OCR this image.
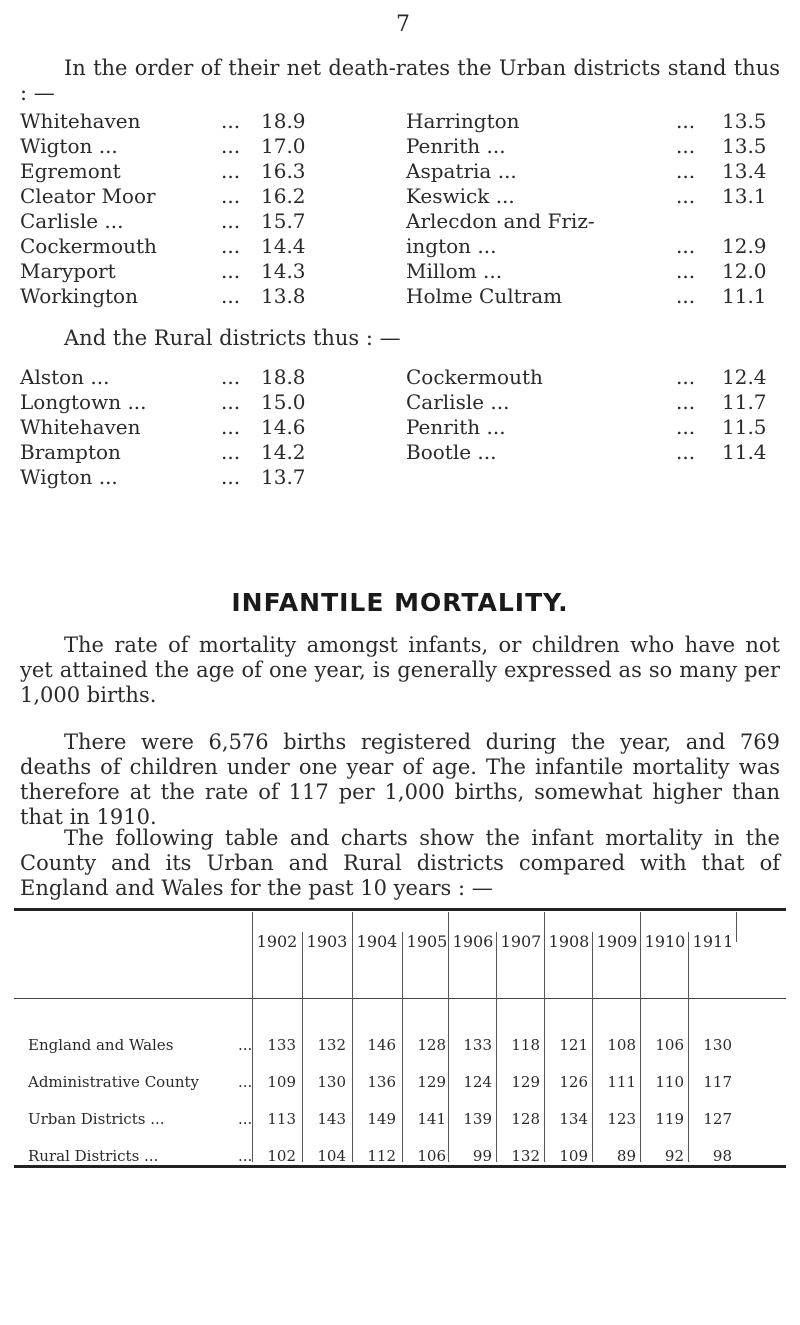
7
In the order of their net death-rates the Urban districts stand thus : —
Whitehaven	... 18.9
Wigton ...	... 17.0
Egremont	... 16.3
Cleator Moor	... 16.2
Carlisle ...	... 15.7
Cockermouth	... 14.4
Maryport	... 14.3
Workington	... 13.8
Harrington	... 13.5
Penrith ...	... 13.5
Aspatria ...	... 13.4
Keswick ...	... 13.1
Arlecdon and Friz-
ington ...	... 12.9
Millom ...	... 12.0
Holme Cultram	... 11.1
And the Rural districts thus : —
Alston ...	... 18.8
Longtown ...	... 15.0
Whitehaven	... 14.6
Brampton	... 14.2
Wigton ...	... 13.7
Cockermouth	... 12.4
Carlisle ...	... 11.7
Penrith ...	... 11.5
Bootle ...	... 11.4
INFANTILE MORTALITY.
The rate of mortality amongst infants, or children who have not yet attained the age of one year, is generally expressed as so many per 1,000 births.
There were 6,576 births registered during the year, and 769 deaths of children under one year of age. The infantile mortality was therefore at the rate of 117 per 1,000 births, somewhat higher than that in 1910.
The following table and charts show the infant mortality in the County and its Urban and Rural districts compared with that of England and Wales for the past 10 years : —
1902 1903 1904 1905 1906 1907 1908 1909 1910 1911
England and Wales	...	133	132	146	128	133	118	121	108	106	130
Administrative County	...	109	130	136	129	124	129	126	111	110	117
Urban Districts ...	...	113	143	149	141	139	128	134	123	119	127
Rural Districts ...	...	102	104	112	106	99	132	109	89	92	98
